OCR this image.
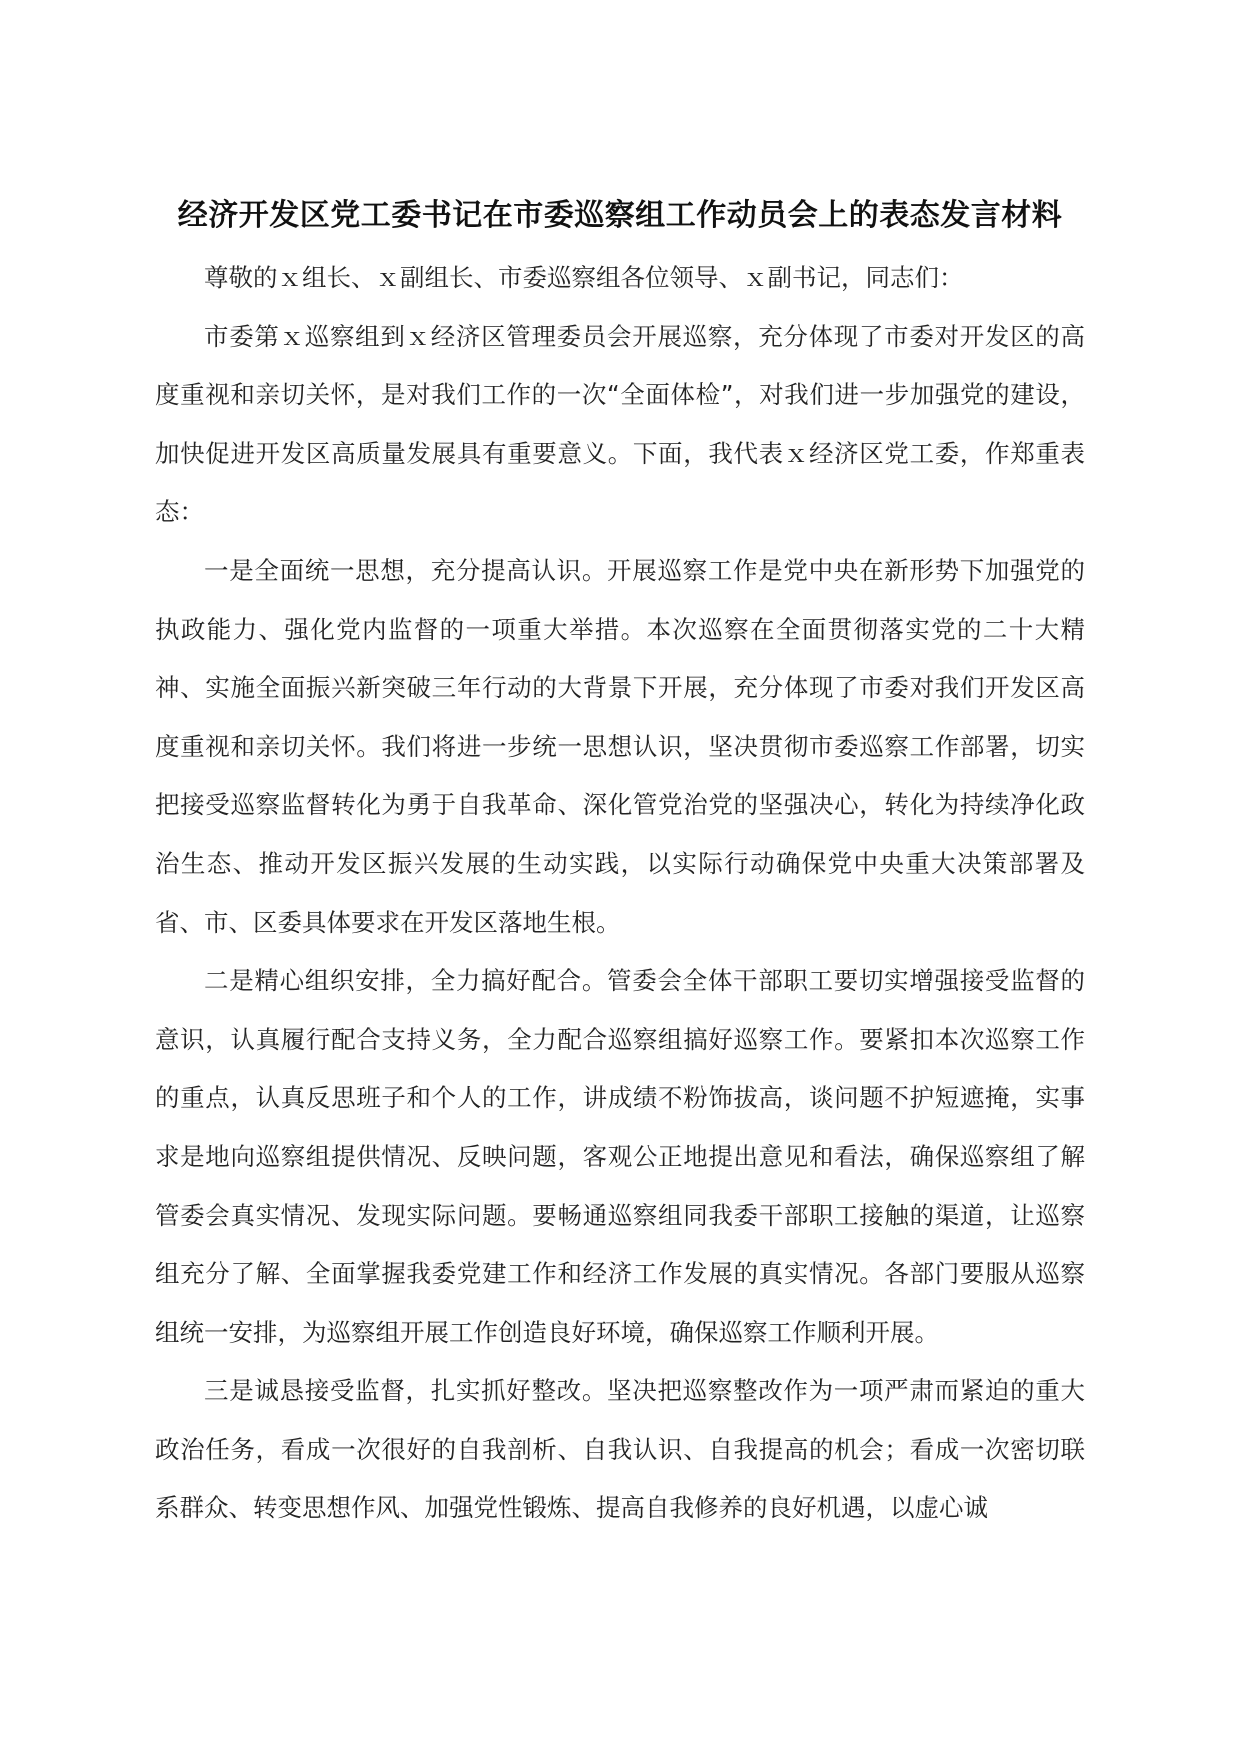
经济开发区党工委书记在市委巡察组工作动员会上的表态发言材料

尊敬的ｘ组长、ｘ副组长、市委巡察组各位领导、ｘ副书记，同志们：

市委第ｘ巡察组到ｘ经济区管理委员会开展巡察，充分体现了市委对开发区的高度重视和亲切关怀，是对我们工作的一次“全面体检”，对我们进一步加强党的建设，加快促进开发区高质量发展具有重要意义。下面，我代表ｘ经济区党工委，作郑重表态：

一是全面统一思想，充分提高认识。开展巡察工作是党中央在新形势下加强党的执政能力、强化党内监督的一项重大举措。本次巡察在全面贯彻落实党的二十大精神、实施全面振兴新突破三年行动的大背景下开展，充分体现了市委对我们开发区高度重视和亲切关怀。我们将进一步统一思想认识，坚决贯彻市委巡察工作部署，切实把接受巡察监督转化为勇于自我革命、深化管党治党的坚强决心，转化为持续净化政治生态、推动开发区振兴发展的生动实践，以实际行动确保党中央重大决策部署及省、市、区委具体要求在开发区落地生根。

二是精心组织安排，全力搞好配合。管委会全体干部职工要切实增强接受监督的意识，认真履行配合支持义务，全力配合巡察组搞好巡察工作。要紧扣本次巡察工作的重点，认真反思班子和个人的工作，讲成绩不粉饰拔高，谈问题不护短遮掩，实事求是地向巡察组提供情况、反映问题，客观公正地提出意见和看法，确保巡察组了解管委会真实情况、发现实际问题。要畅通巡察组同我委干部职工接触的渠道，让巡察组充分了解、全面掌握我委党建工作和经济工作发展的真实情况。各部门要服从巡察组统一安排，为巡察组开展工作创造良好环境，确保巡察工作顺利开展。

三是诚恳接受监督，扎实抓好整改。坚决把巡察整改作为一项严肃而紧迫的重大政治任务，看成一次很好的自我剖析、自我认识、自我提高的机会；看成一次密切联系群众、转变思想作风、加强党性锻炼、提高自我修养的良好机遇，以虚心诚
